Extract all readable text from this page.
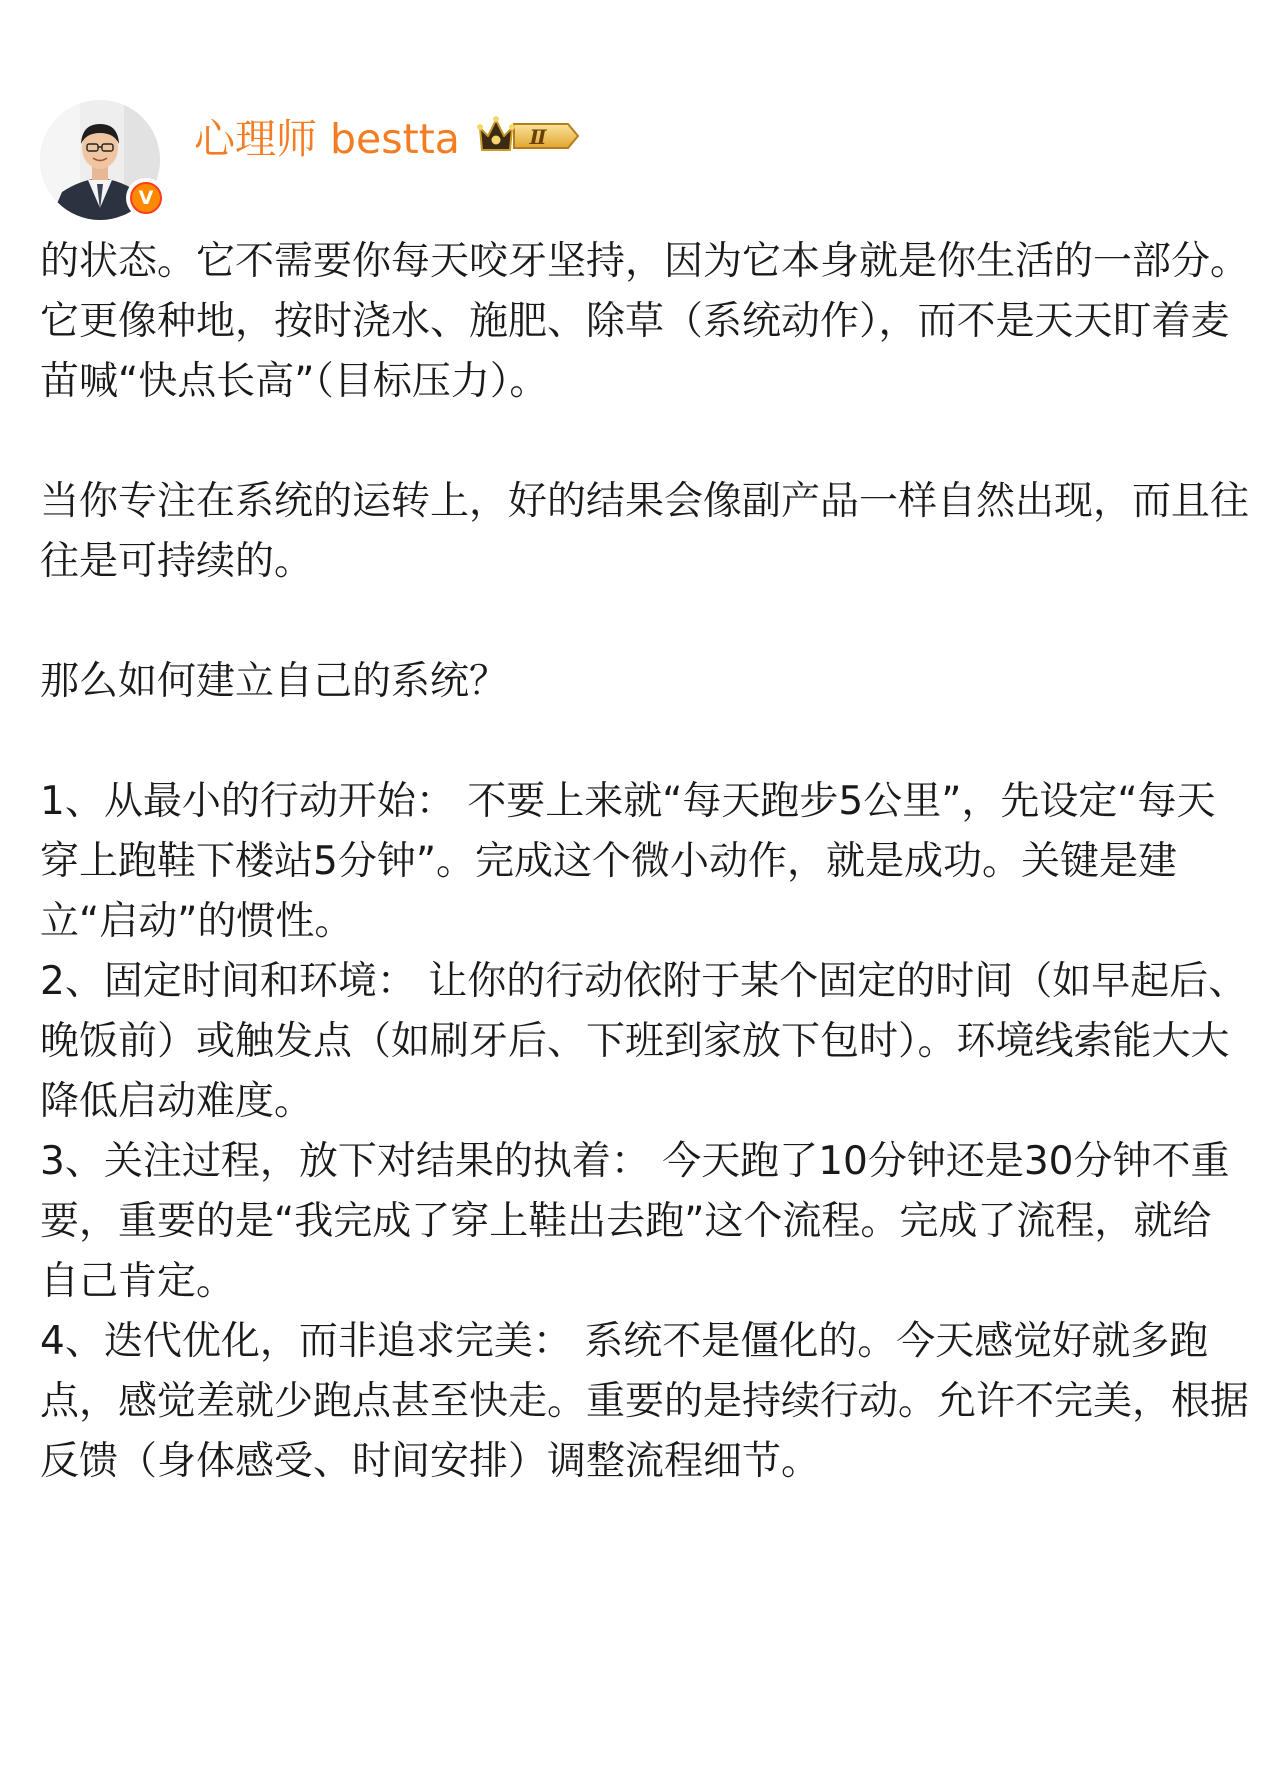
V
心理师 bestta	Ⅱ

的状态。它不需要你每天咬牙坚持，因为它本身就是你生活的一部分。它更像种地，按时浇水、施肥、除草（系统动作），而不是天天盯着麦苗喊“快点长高”（目标压力）。

当你专注在系统的运转上，好的结果会像副产品一样自然出现，而且往往是可持续的。

那么如何建立自己的系统？

1、从最小的行动开始： 不要上来就“每天跑步5公里”，先设定“每天穿上跑鞋下楼站5分钟”。完成这个微小动作，就是成功。关键是建立“启动”的惯性。

2、固定时间和环境： 让你的行动依附于某个固定的时间（如早起后、晚饭前）或触发点（如刷牙后、下班到家放下包时）。环境线索能大大降低启动难度。

3、关注过程，放下对结果的执着： 今天跑了10分钟还是30分钟不重要，重要的是“我完成了穿上鞋出去跑”这个流程。完成了流程，就给自己肯定。

4、迭代优化，而非追求完美： 系统不是僵化的。今天感觉好就多跑点，感觉差就少跑点甚至快走。重要的是持续行动。允许不完美，根据反馈（身体感受、时间安排）调整流程细节。
